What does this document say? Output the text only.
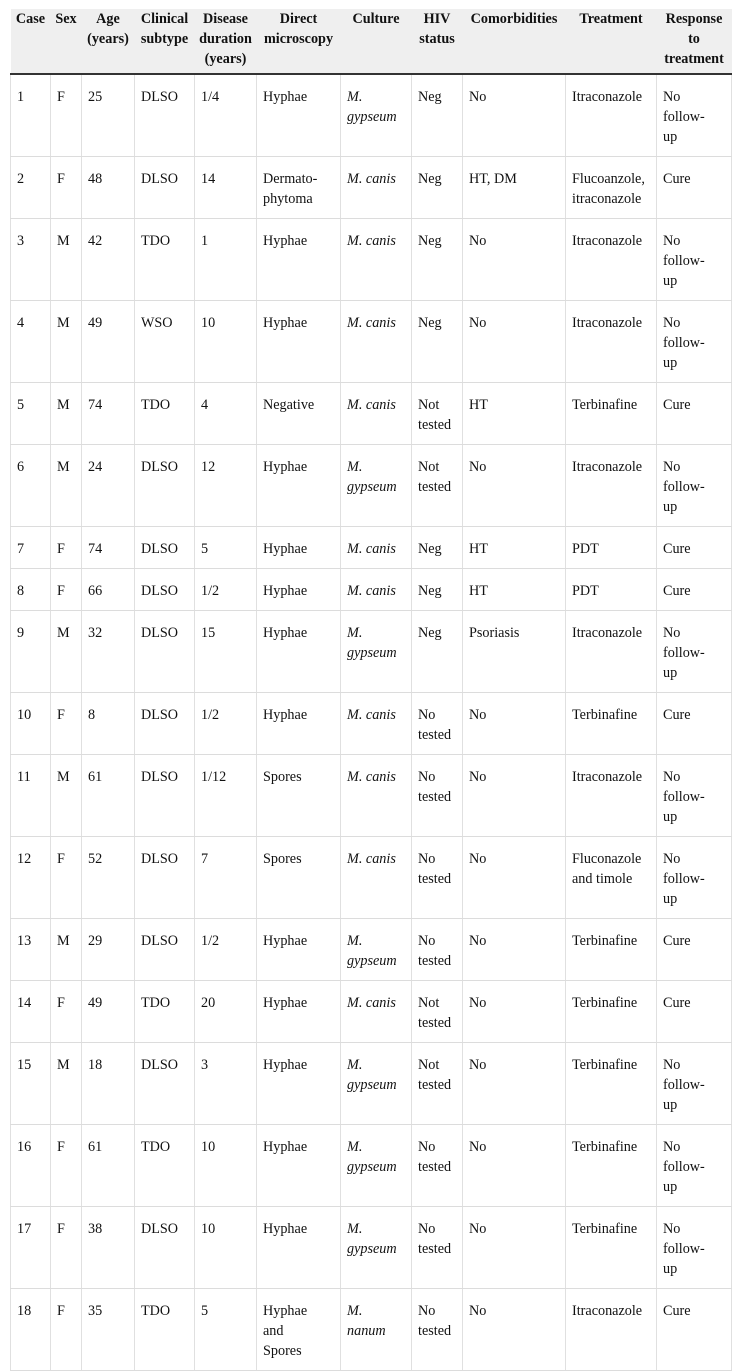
Case	Sex	Age
(years)	Clinical
subtype	Disease
duration
(years)	Direct
microscopy	Culture	HIV
status	Comorbidities	Treatment	Response
to
treatment
1	F	25	DLSO	1/4	Hyphae	M.
gypseum	Neg	No	Itraconazole	No
follow-
up
2	F	48	DLSO	14	Dermato-
phytoma	M. canis	Neg	HT, DM	Flucoanzole,
itraconazole	Cure
3	M	42	TDO	1	Hyphae	M. canis	Neg	No	Itraconazole	No
follow-
up
4	M	49	WSO	10	Hyphae	M. canis	Neg	No	Itraconazole	No
follow-
up
5	M	74	TDO	4	Negative	M. canis	Not
tested	HT	Terbinafine	Cure
6	M	24	DLSO	12	Hyphae	M.
gypseum	Not
tested	No	Itraconazole	No
follow-
up
7	F	74	DLSO	5	Hyphae	M. canis	Neg	HT	PDT	Cure
8	F	66	DLSO	1/2	Hyphae	M. canis	Neg	HT	PDT	Cure
9	M	32	DLSO	15	Hyphae	M.
gypseum	Neg	Psoriasis	Itraconazole	No
follow-
up
10	F	8	DLSO	1/2	Hyphae	M. canis	No
tested	No	Terbinafine	Cure
11	M	61	DLSO	1/12	Spores	M. canis	No
tested	No	Itraconazole	No
follow-
up
12	F	52	DLSO	7	Spores	M. canis	No
tested	No	Fluconazole
and timole	No
follow-
up
13	M	29	DLSO	1/2	Hyphae	M.
gypseum	No
tested	No	Terbinafine	Cure
14	F	49	TDO	20	Hyphae	M. canis	Not
tested	No	Terbinafine	Cure
15	M	18	DLSO	3	Hyphae	M.
gypseum	Not
tested	No	Terbinafine	No
follow-
up
16	F	61	TDO	10	Hyphae	M.
gypseum	No
tested	No	Terbinafine	No
follow-
up
17	F	38	DLSO	10	Hyphae	M.
gypseum	No
tested	No	Terbinafine	No
follow-
up
18	F	35	TDO	5	Hyphae
and
Spores	M.
nanum	No
tested	No	Itraconazole	Cure
